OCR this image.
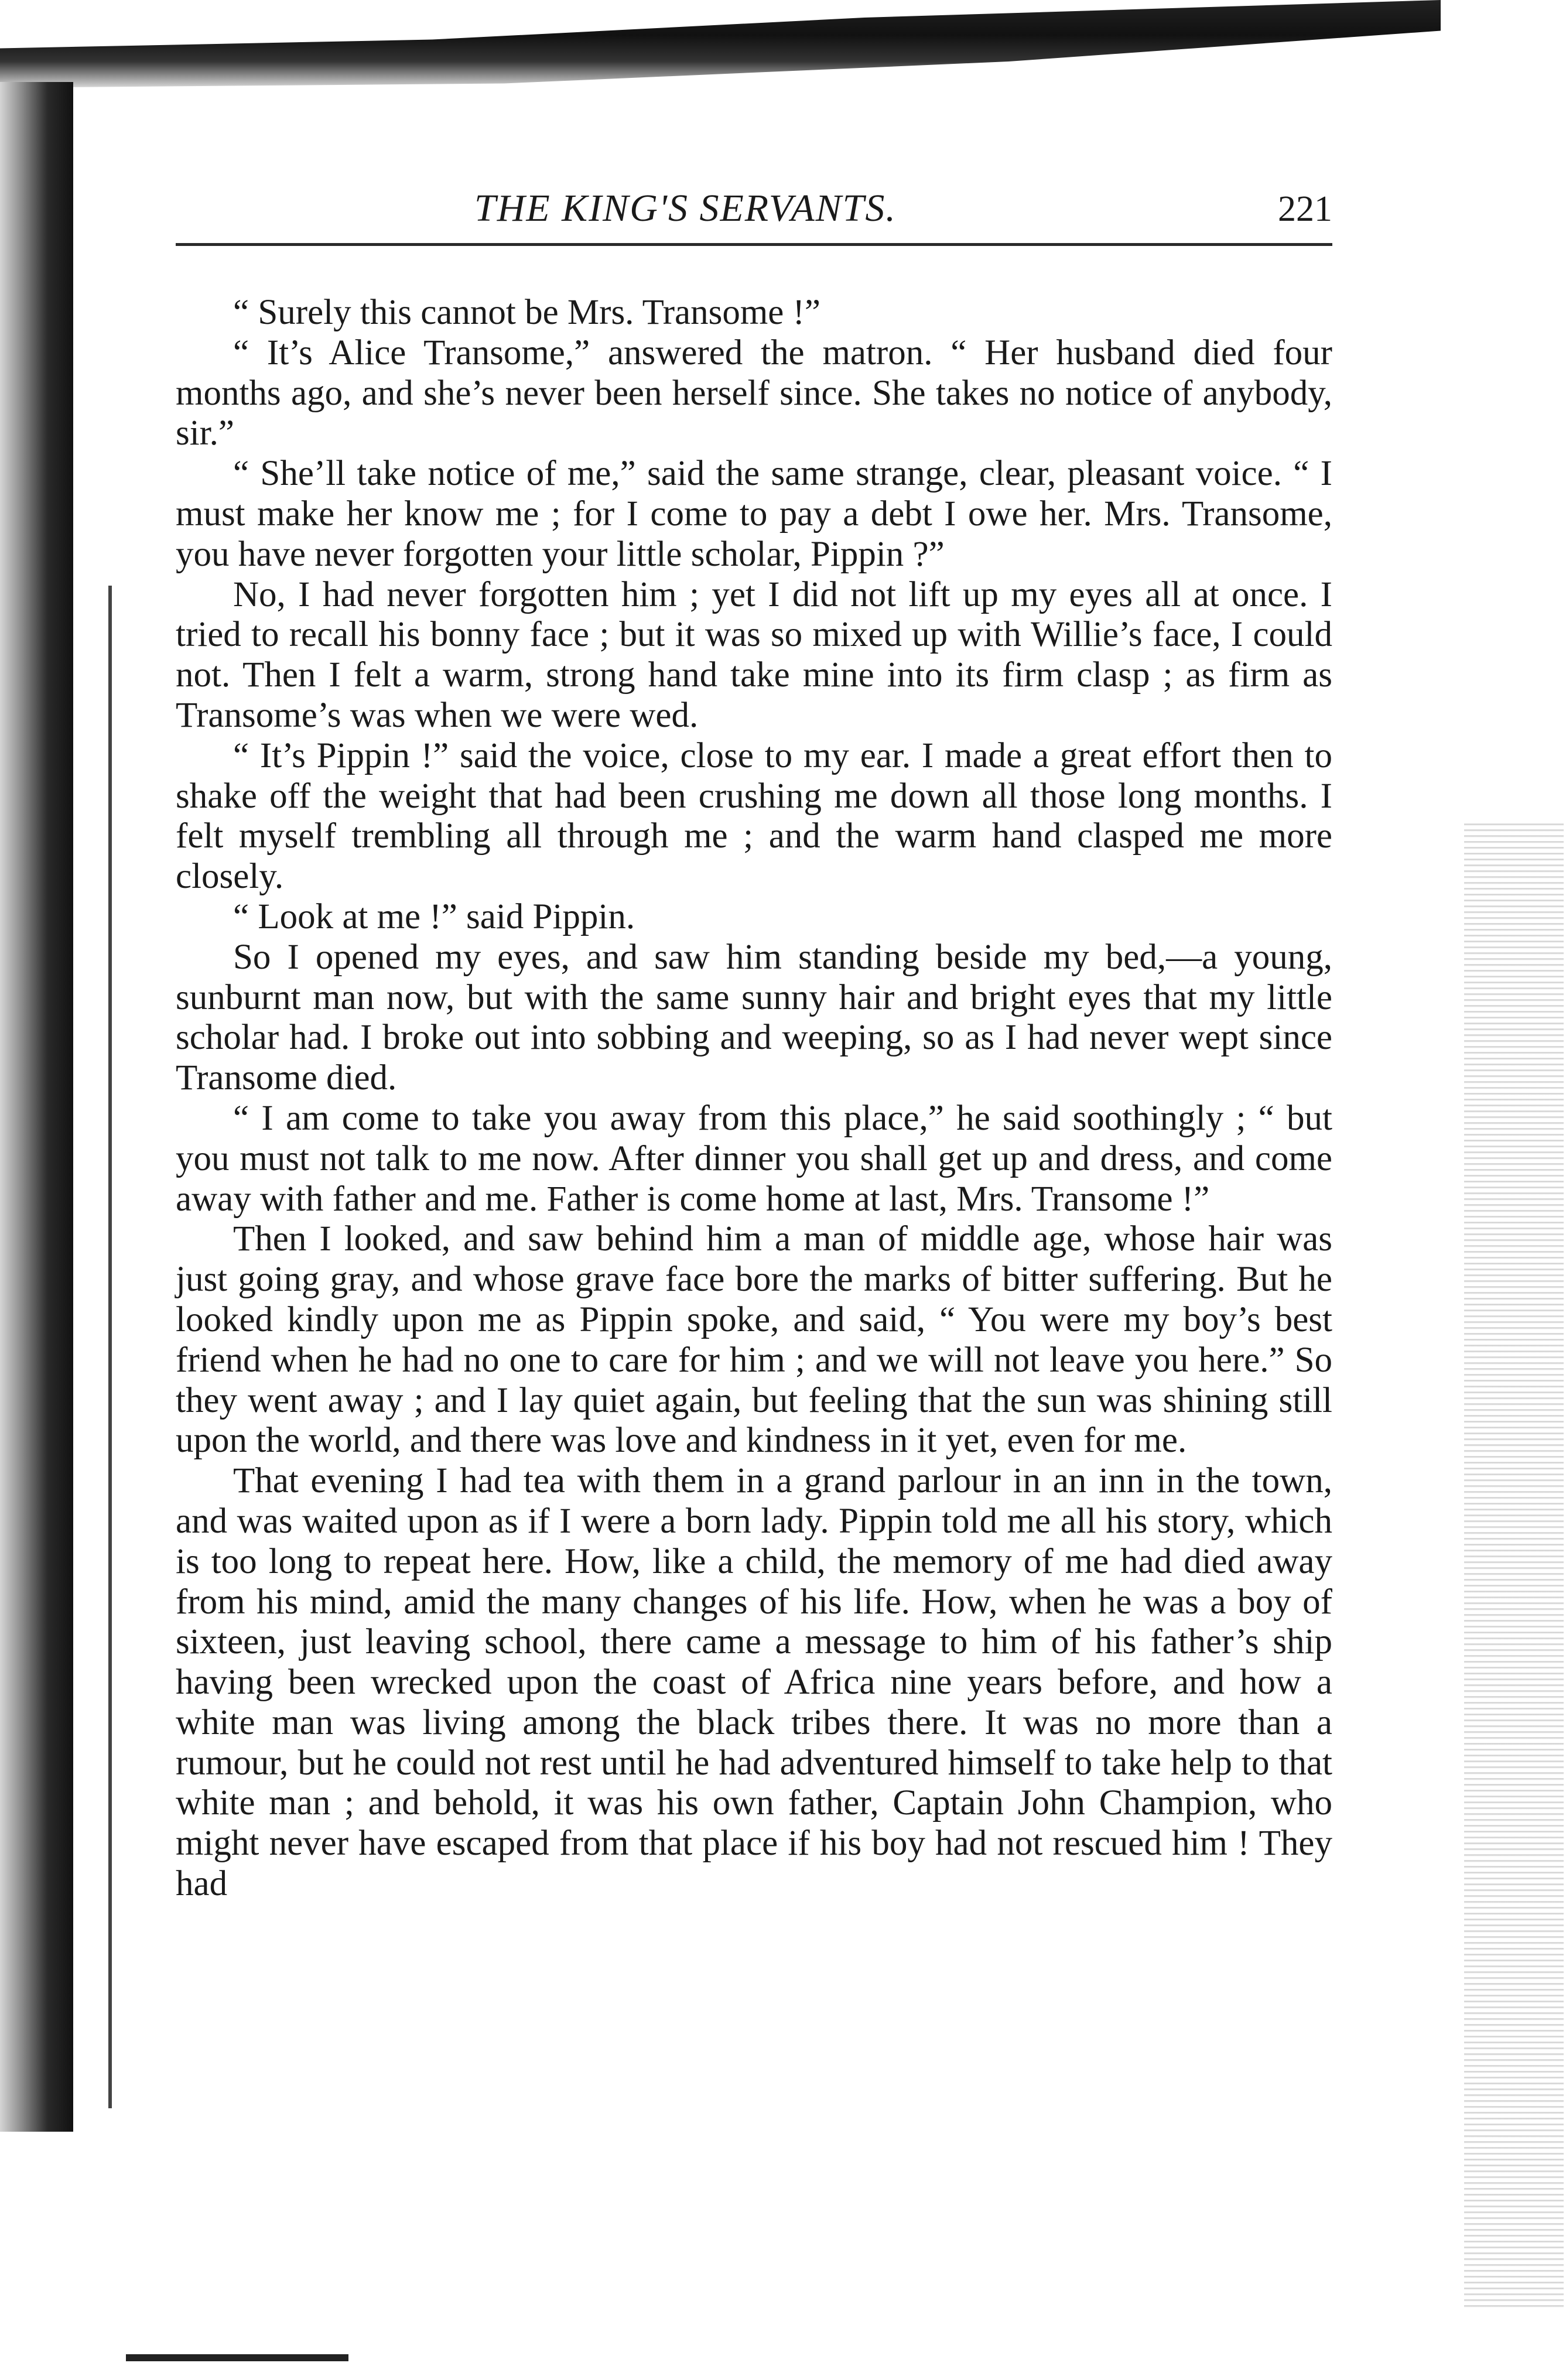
THE KING'S SERVANTS.	221

“ Surely this cannot be Mrs. Transome !”

“ It’s Alice Transome,” answered the matron. “ Her husband died four months ago, and she’s never been herself since. She takes no notice of anybody, sir.”

“ She’ll take notice of me,” said the same strange, clear, pleasant voice. “ I must make her know me ; for I come to pay a debt I owe her. Mrs. Transome, you have never forgotten your little scholar, Pippin ?”

No, I had never forgotten him ; yet I did not lift up my eyes all at once. I tried to recall his bonny face ; but it was so mixed up with Willie’s face, I could not. Then I felt a warm, strong hand take mine into its firm clasp ; as firm as Transome’s was when we were wed.

“ It’s Pippin !” said the voice, close to my ear. I made a great effort then to shake off the weight that had been crushing me down all those long months. I felt myself trembling all through me ; and the warm hand clasped me more closely.

“ Look at me !” said Pippin.

So I opened my eyes, and saw him standing beside my bed,—a young, sunburnt man now, but with the same sunny hair and bright eyes that my little scholar had. I broke out into sobbing and weeping, so as I had never wept since Transome died.

“ I am come to take you away from this place,” he said soothingly ; “ but you must not talk to me now. After dinner you shall get up and dress, and come away with father and me. Father is come home at last, Mrs. Transome !”

Then I looked, and saw behind him a man of middle age, whose hair was just going gray, and whose grave face bore the marks of bitter suffering. But he looked kindly upon me as Pippin spoke, and said, “ You were my boy’s best friend when he had no one to care for him ; and we will not leave you here.” So they went away ; and I lay quiet again, but feeling that the sun was shining still upon the world, and there was love and kindness in it yet, even for me.

That evening I had tea with them in a grand parlour in an inn in the town, and was waited upon as if I were a born lady. Pippin told me all his story, which is too long to repeat here. How, like a child, the memory of me had died away from his mind, amid the many changes of his life. How, when he was a boy of sixteen, just leaving school, there came a message to him of his father’s ship having been wrecked upon the coast of Africa nine years before, and how a white man was living among the black tribes there. It was no more than a rumour, but he could not rest until he had adventured himself to take help to that white man ; and behold, it was his own father, Captain John Champion, who might never have escaped from that place if his boy had not rescued him ! They had
